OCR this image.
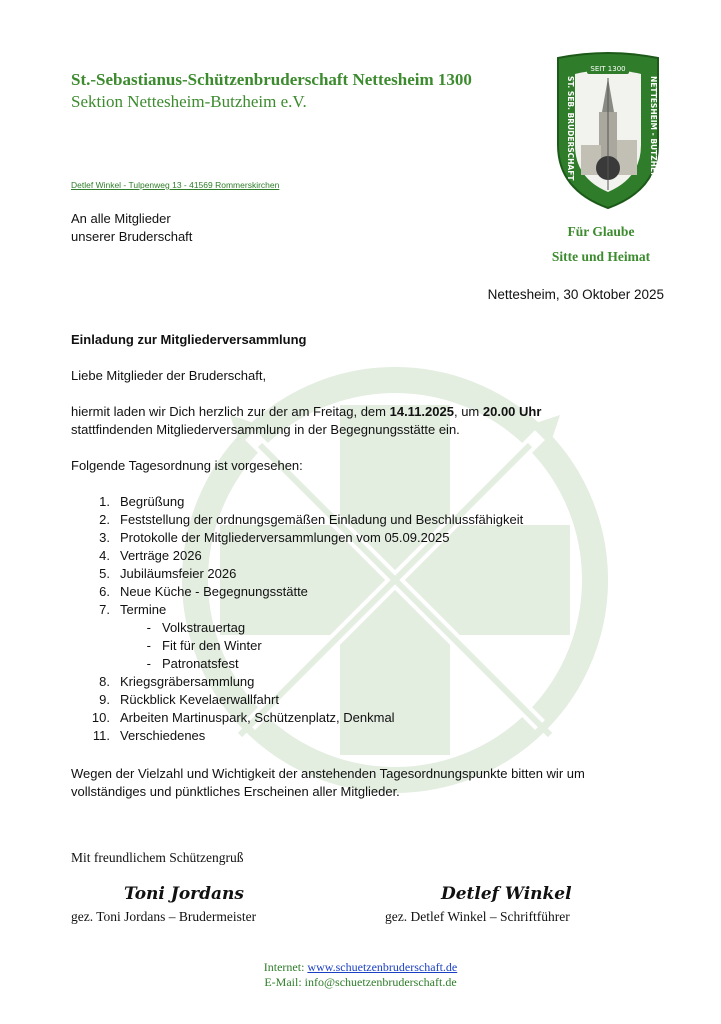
St.-Sebastianus-Schützenbruderschaft Nettesheim 1300
Sektion Nettesheim-Butzheim e.V.
SEIT 1300
ST. SEB. BRUDERSCHAFT	NETTESHEIM - BUTZHEIM
Detlef Winkel - Tulpenweg 13 - 41569 Rommerskirchen
An alle Mitglieder
unserer Bruderschaft	Für Glaube
Sitte und Heimat
Nettesheim, 30 Oktober 2025
Einladung zur Mitgliederversammlung
Liebe Mitglieder der Bruderschaft,
hiermit laden wir Dich herzlich zur der am Freitag, dem 14.11.2025, um 20.00 Uhr
stattfindenden Mitgliederversammlung in der Begegnungsstätte ein.
Folgende Tagesordnung ist vorgesehen:
1. Begrüßung
2. Feststellung der ordnungsgemäßen Einladung und Beschlussfähigkeit
3. Protokolle der Mitgliederversammlungen vom 05.09.2025
4. Verträge 2026
5. Jubiläumsfeier 2026
6. Neue Küche - Begegnungsstätte
7. Termine
- Volkstrauertag
- Fit für den Winter
- Patronatsfest
8. Kriegsgräbersammlung
9. Rückblick Kevelaerwallfahrt
10. Arbeiten Martinuspark, Schützenplatz, Denkmal
11. Verschiedenes
Wegen der Vielzahl und Wichtigkeit der anstehenden Tagesordnungspunkte bitten wir um
vollständiges und pünktliches Erscheinen aller Mitglieder.
Mit freundlichem Schützengruß
Toni Jordans
gez. Toni Jordans – Brudermeister
Detlef Winkel
gez. Detlef Winkel – Schriftführer
Internet: www.schuetzenbruderschaft.de
E-Mail: info@schuetzenbruderschaft.de
